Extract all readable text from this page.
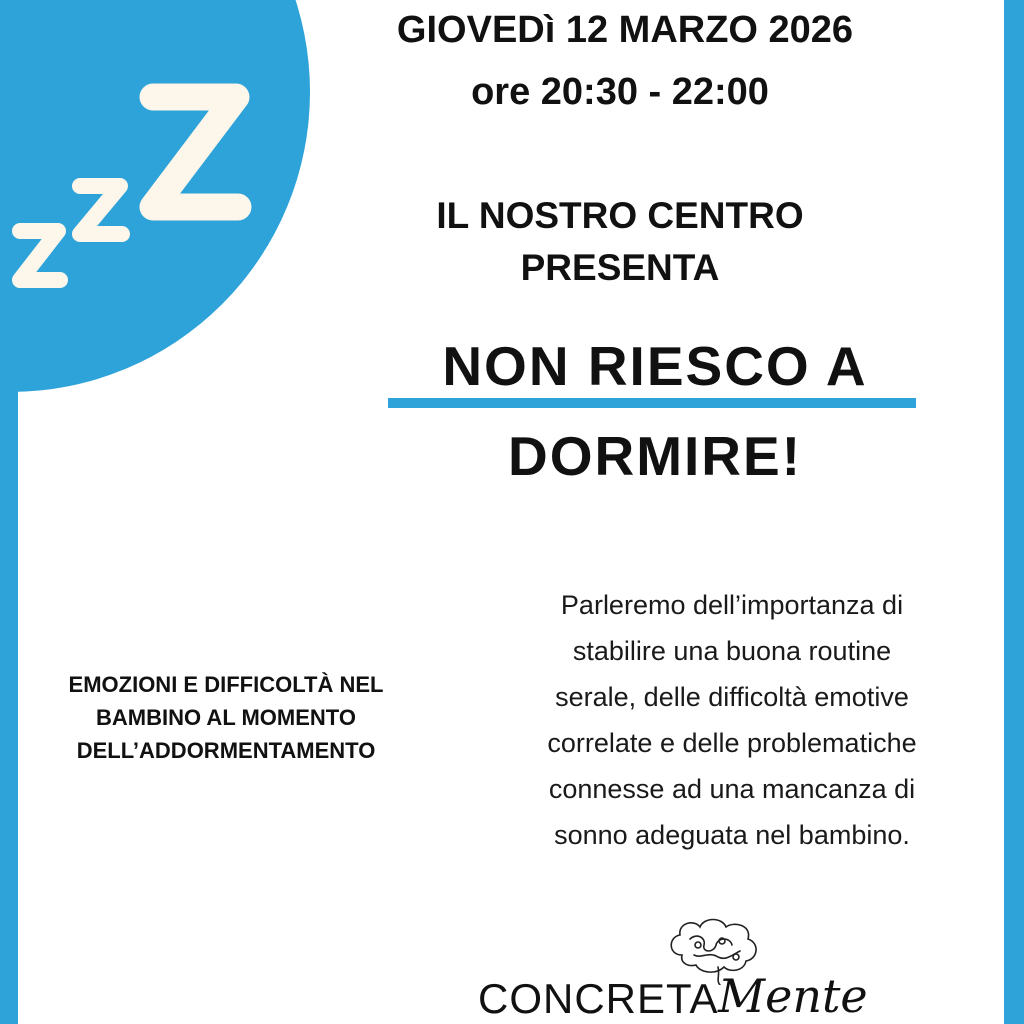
GIOVEDì 12 MARZO 2026
ore 20:30 - 22:00
IL NOSTRO CENTRO
PRESENTA
NON RIESCO A
DORMIRE!
EMOZIONI E DIFFICOLTÀ NEL
BAMBINO AL MOMENTO
DELL’ADDORMENTAMENTO
Parleremo dell’importanza di
stabilire una buona routine
serale, delle difficoltà emotive
correlate e delle problematiche
connesse ad una mancanza di
sonno adeguata nel bambino.
CONCRETA Mente
